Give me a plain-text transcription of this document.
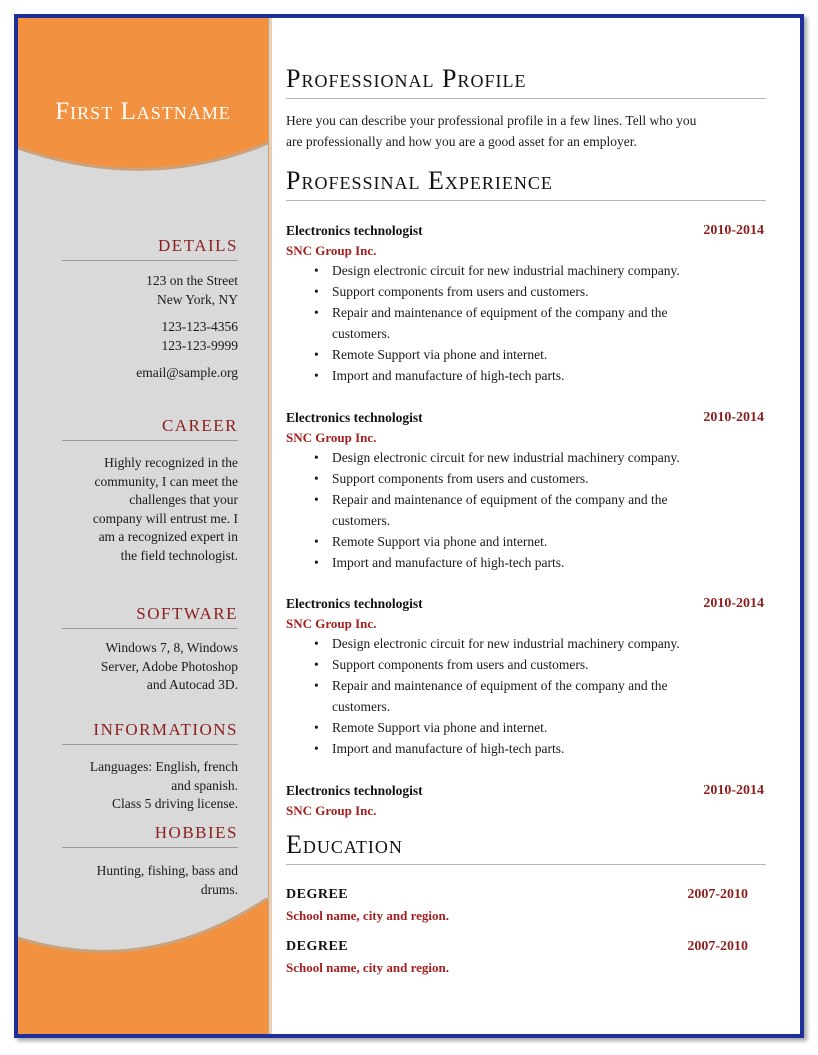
First Lastname
DETAILS
123 on the Street
New York, NY
123-123-4356
123-123-9999
email@sample.org
CAREER
Highly recognized in the
community, I can meet the
challenges that your
company will entrust me. I
am a recognized expert in
the field technologist.
SOFTWARE
Windows 7, 8, Windows
Server, Adobe Photoshop
and Autocad 3D.
INFORMATIONS
Languages: English, french
and spanish.
Class 5 driving license.
HOBBIES
Hunting, fishing, bass and
drums.
Professional Profile
Here you can describe your professional profile in a few lines. Tell who you
are professionally and how you are a good asset for an employer.
Professinal Experience
Electronics technologist	2010-2014
SNC Group Inc.
• Design electronic circuit for new industrial machinery company.
• Support components from users and customers.
• Repair and maintenance of equipment of the company and the
customers.
• Remote Support via phone and internet.
• Import and manufacture of high-tech parts.
Electronics technologist	2010-2014
SNC Group Inc.
• Design electronic circuit for new industrial machinery company.
• Support components from users and customers.
• Repair and maintenance of equipment of the company and the
customers.
• Remote Support via phone and internet.
• Import and manufacture of high-tech parts.
Electronics technologist	2010-2014
SNC Group Inc.
• Design electronic circuit for new industrial machinery company.
• Support components from users and customers.
• Repair and maintenance of equipment of the company and the
customers.
• Remote Support via phone and internet.
• Import and manufacture of high-tech parts.
Electronics technologist	2010-2014
SNC Group Inc.
Education
DEGREE	2007-2010
School name, city and region.
DEGREE	2007-2010
School name, city and region.
